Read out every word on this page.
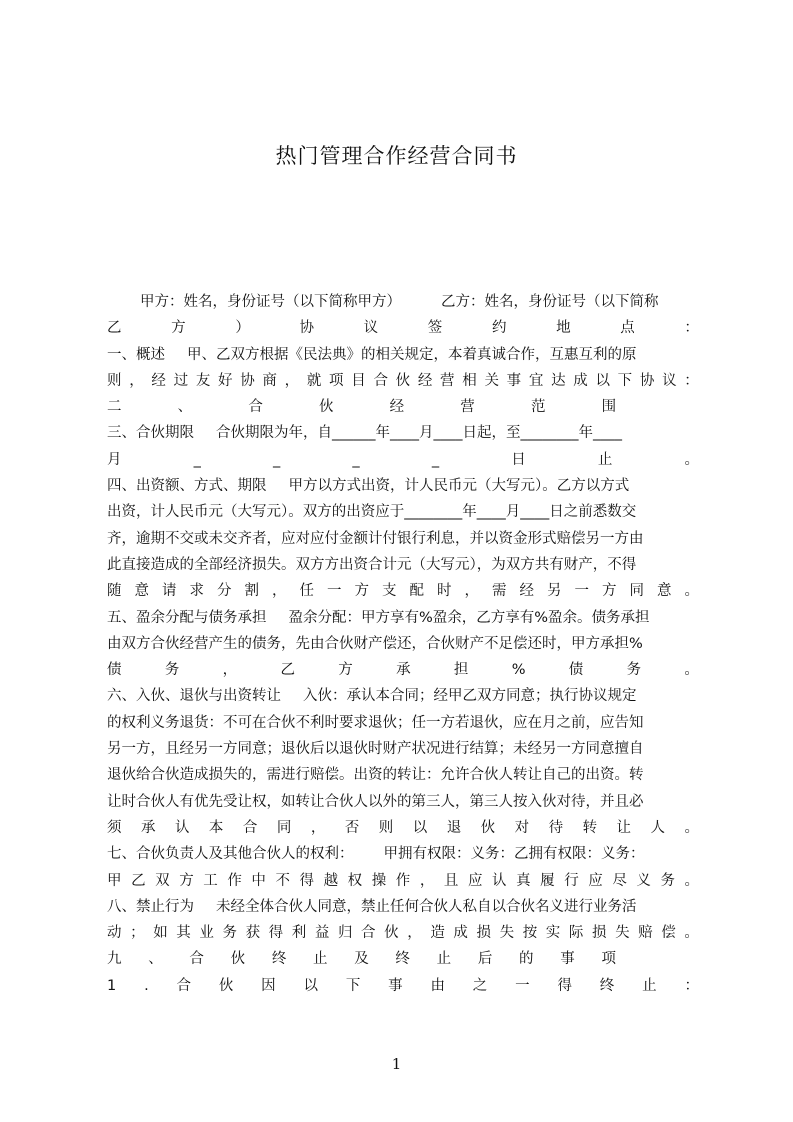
热门管理合作经营合同书
甲方：姓名，身份证号（以下简称甲方）	乙方：姓名，身份证号（以下简称
乙	方	）	协	议	签	约	地	点	：
一、概述 甲、乙双方根据《民法典》的相关规定，本着真诚合作，互惠互利的原
则 ， 经 过 友 好 协 商 ， 就 项 目 合 伙 经 营 相 关 事 宜 达 成 以 下 协 议 ：
二	、	合	伙	经	营	范	围
三、合伙期限 合伙期限为年，自______年____月____日起，至________年____
月	_	_	_	_	日	止	。
四、出资额、方式、期限 甲方以方式出资，计人民币元（大写元）。乙方以方式
出资，计人民币元（大写元）。双方的出资应于________年____月____日之前悉数交
齐，逾期不交或未交齐者，应对应付金额计付银行利息，并以资金形式赔偿另一方由
此直接造成的全部经济损失。双方方出资合计元（大写元），为双方共有财产，不得
随 意 请 求 分 割 ， 任 一 方 支 配 时 ， 需 经 另 一 方 同 意 。
五、盈余分配与债务承担 盈余分配：甲方享有%盈余，乙方享有%盈余。债务承担
由双方合伙经营产生的债务，先由合伙财产偿还，合伙财产不足偿还时，甲方承担%
债	务	，	乙	方	承	担	%	债	务	。
六、入伙、退伙与出资转让 入伙：承认本合同；经甲乙双方同意；执行协议规定
的权利义务退货：不可在合伙不利时要求退伙；任一方若退伙，应在月之前，应告知
另一方，且经另一方同意；退伙后以退伙时财产状况进行结算；未经另一方同意擅自
退伙给合伙造成损失的，需进行赔偿。出资的转让：允许合伙人转让自己的出资。转
让时合伙人有优先受让权，如转让合伙人以外的第三人，第三人按入伙对待，并且必
须 承 认 本 合 同 ， 否 则 以 退 伙 对 待 转 让 人 。
七、合伙负责人及其他合伙人的权利： 甲拥有权限：义务：乙拥有权限：义务：
甲 乙 双 方 工 作 中 不 得 越 权 操 作 ， 且 应 认 真 履 行 应 尽 义 务 。
八、禁止行为 未经全体合伙人同意，禁止任何合伙人私自以合伙名义进行业务活
动 ； 如 其 业 务 获 得 利 益 归 合 伙 ， 造 成 损 失 按 实 际 损 失 赔 偿 。
九 、 合 伙 终 止 及 终 止 后 的 事 项
1 . 合 伙 因 以 下 事 由 之 一 得 终 止 ：
1
